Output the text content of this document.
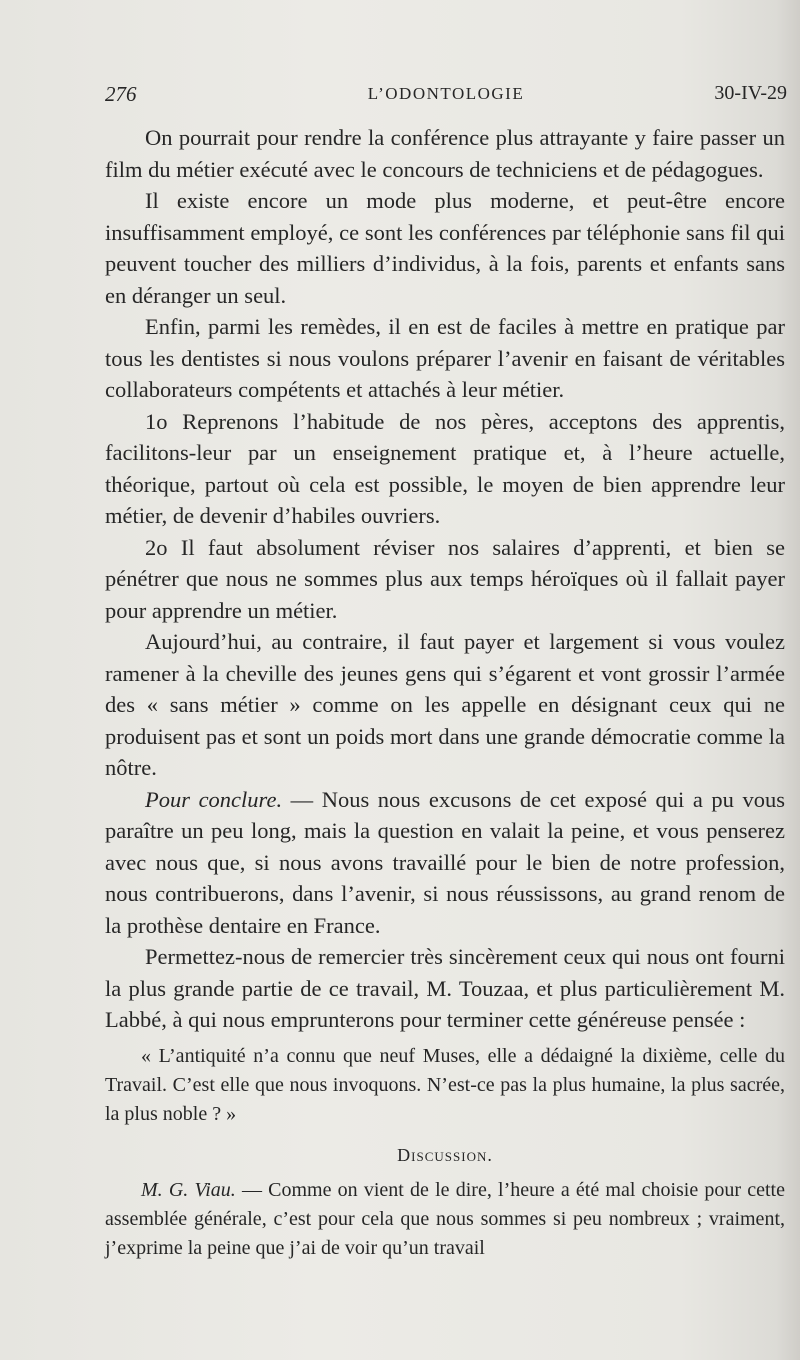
276	L’ODONTOLOGIE	30-IV-29

On pourrait pour rendre la conférence plus attrayante y faire passer un film du métier exécuté avec le concours de techniciens et de pédagogues.

Il existe encore un mode plus moderne, et peut-être encore insuffisamment employé, ce sont les conférences par téléphonie sans fil qui peuvent toucher des milliers d’individus, à la fois, parents et enfants sans en déranger un seul.

Enfin, parmi les remèdes, il en est de faciles à mettre en pratique par tous les dentistes si nous voulons préparer l’avenir en faisant de véritables collaborateurs compétents et attachés à leur métier.

1o Reprenons l’habitude de nos pères, acceptons des apprentis, facilitons-leur par un enseignement pratique et, à l’heure actuelle, théorique, partout où cela est possible, le moyen de bien apprendre leur métier, de devenir d’habiles ouvriers.

2o Il faut absolument réviser nos salaires d’apprenti, et bien se pénétrer que nous ne sommes plus aux temps héroïques où il fallait payer pour apprendre un métier.

Aujourd’hui, au contraire, il faut payer et largement si vous voulez ramener à la cheville des jeunes gens qui s’égarent et vont grossir l’armée des « sans métier » comme on les appelle en désignant ceux qui ne produisent pas et sont un poids mort dans une grande démocratie comme la nôtre.

Pour conclure. — Nous nous excusons de cet exposé qui a pu vous paraître un peu long, mais la question en valait la peine, et vous penserez avec nous que, si nous avons travaillé pour le bien de notre profession, nous contribuerons, dans l’avenir, si nous réussissons, au grand renom de la prothèse dentaire en France.

Permettez-nous de remercier très sincèrement ceux qui nous ont fourni la plus grande partie de ce travail, M. Touzaa, et plus particulièrement M. Labbé, à qui nous emprunterons pour terminer cette généreuse pensée :

« L’antiquité n’a connu que neuf Muses, elle a dédaigné la dixième, celle du Travail. C’est elle que nous invoquons. N’est-ce pas la plus humaine, la plus sacrée, la plus noble ? »

Discussion.

M. G. Viau. — Comme on vient de le dire, l’heure a été mal choisie pour cette assemblée générale, c’est pour cela que nous sommes si peu nombreux ; vraiment, j’exprime la peine que j’ai de voir qu’un travail
